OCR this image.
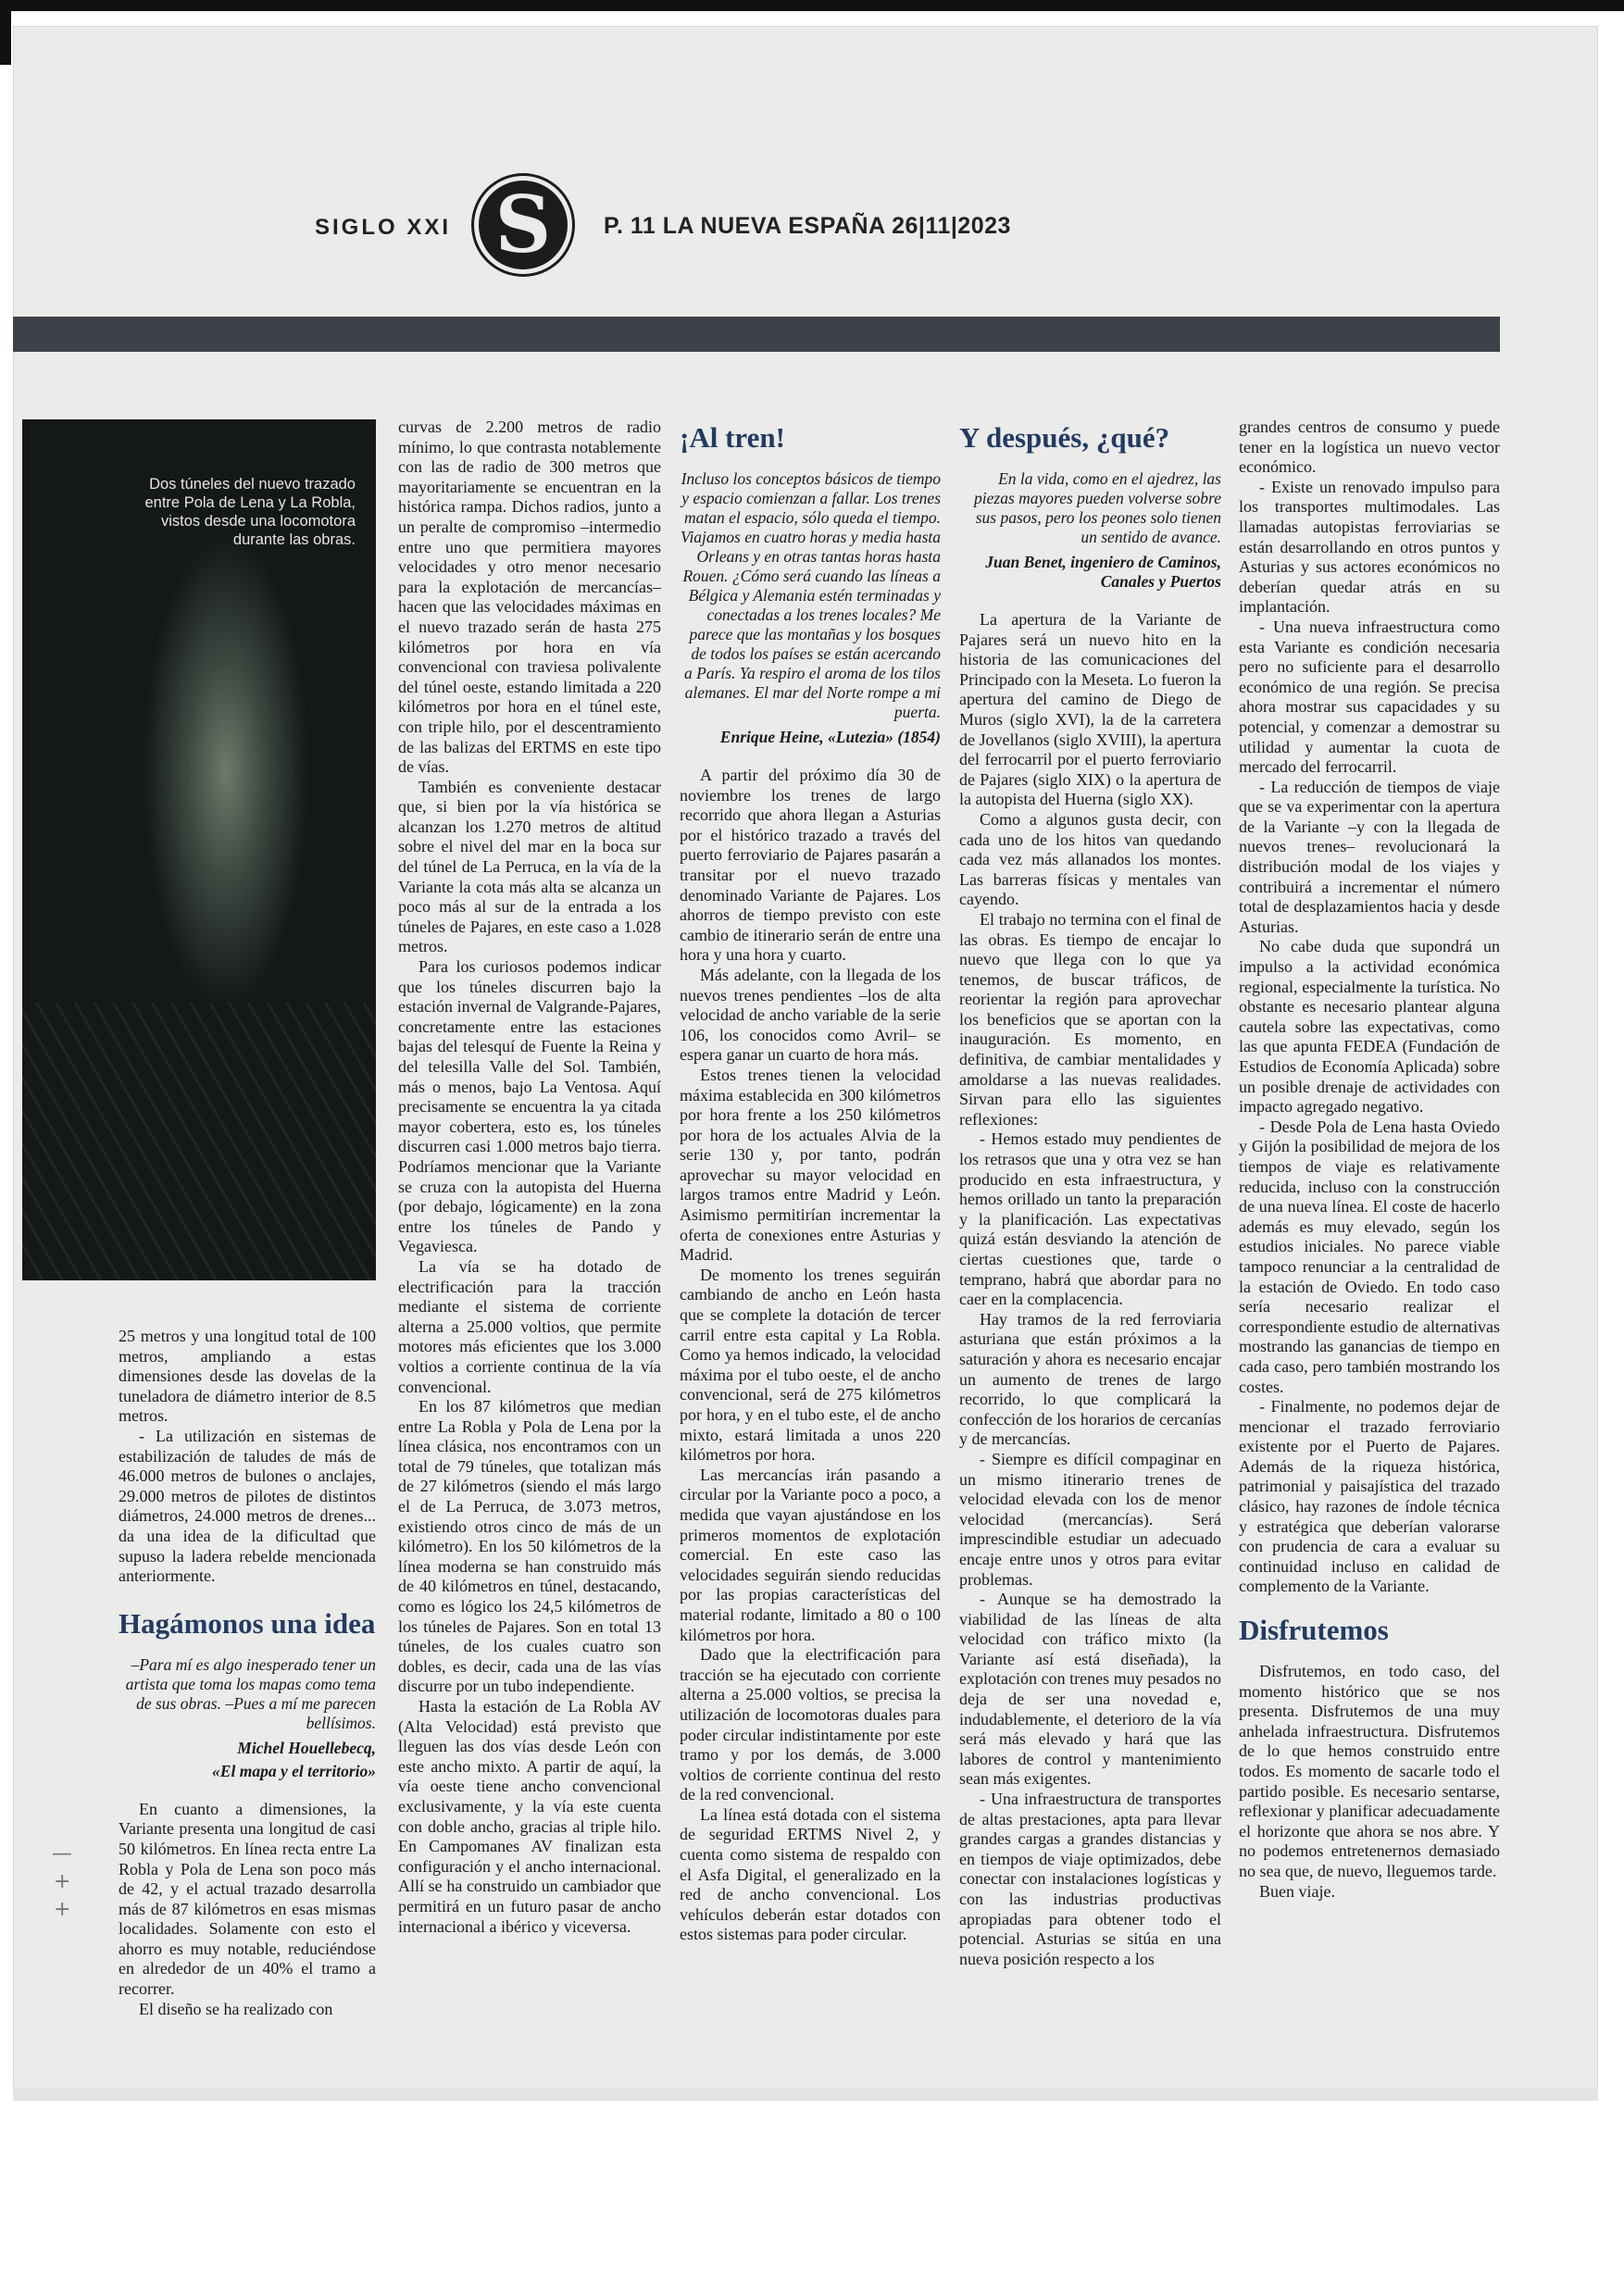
SIGLO XXI S	P. 11 LA NUEVA ESPAÑA 26|11|2023
Dos túneles del nuevo trazado entre Pola de Lena y La Robla, vistos desde una locomotora durante las obras.

25 metros y una longitud total de 100 metros, ampliando a estas dimensiones desde las dovelas de la tuneladora de diámetro interior de 8.5 metros.

- La utilización en sistemas de estabilización de taludes de más de 46.000 metros de bulones o anclajes, 29.000 metros de pilotes de distintos diámetros, 24.000 metros de drenes... da una idea de la dificultad que supuso la ladera rebelde mencionada anteriormente.

Hagámonos una idea
–Para mí es algo inesperado tener un artista que toma los mapas como tema de sus obras. –Pues a mí me parecen bellísimos.
Michel Houellebecq,
«El mapa y el territorio»

En cuanto a dimensiones, la Variante presenta una longitud de casi 50 kilómetros. En línea recta entre La Robla y Pola de Lena son poco más de 42, y el actual trazado desarrolla más de 87 kilómetros en esas mismas localidades. Solamente con esto el ahorro es muy notable, reduciéndose en alrededor de un 40% el tramo a recorrer.

El diseño se ha realizado con

curvas de 2.200 metros de radio mínimo, lo que contrasta notablemente con las de radio de 300 metros que mayoritariamente se encuentran en la histórica rampa. Dichos radios, junto a un peralte de compromiso –intermedio entre uno que permitiera mayores velocidades y otro menor necesario para la explotación de mercancías– hacen que las velocidades máximas en el nuevo trazado serán de hasta 275 kilómetros por hora en vía convencional con traviesa polivalente del túnel oeste, estando limitada a 220 kilómetros por hora en el túnel este, con triple hilo, por el descentramiento de las balizas del ERTMS en este tipo de vías.

También es conveniente destacar que, si bien por la vía histórica se alcanzan los 1.270 metros de altitud sobre el nivel del mar en la boca sur del túnel de La Perruca, en la vía de la Variante la cota más alta se alcanza un poco más al sur de la entrada a los túneles de Pajares, en este caso a 1.028 metros.

Para los curiosos podemos indicar que los túneles discurren bajo la estación invernal de Valgrande-Pajares, concretamente entre las estaciones bajas del telesquí de Fuente la Reina y del telesilla Valle del Sol. También, más o menos, bajo La Ventosa. Aquí precisamente se encuentra la ya citada mayor cobertera, esto es, los túneles discurren casi 1.000 metros bajo tierra. Podríamos mencionar que la Variante se cruza con la autopista del Huerna (por debajo, lógicamente) en la zona entre los túneles de Pando y Vegaviesca.

La vía se ha dotado de electrificación para la tracción mediante el sistema de corriente alterna a 25.000 voltios, que permite motores más eficientes que los 3.000 voltios a corriente continua de la vía convencional.

En los 87 kilómetros que median entre La Robla y Pola de Lena por la línea clásica, nos encontramos con un total de 79 túneles, que totalizan más de 27 kilómetros (siendo el más largo el de La Perruca, de 3.073 metros, existiendo otros cinco de más de un kilómetro). En los 50 kilómetros de la línea moderna se han construido más de 40 kilómetros en túnel, destacando, como es lógico los 24,5 kilómetros de los túneles de Pajares. Son en total 13 túneles, de los cuales cuatro son dobles, es decir, cada una de las vías discurre por un tubo independiente.

Hasta la estación de La Robla AV (Alta Velocidad) está previsto que lleguen las dos vías desde León con este ancho mixto. A partir de aquí, la vía oeste tiene ancho convencional exclusivamente, y la vía este cuenta con doble ancho, gracias al triple hilo. En Campomanes AV finalizan esta configuración y el ancho internacional. Allí se ha construido un cambiador que permitirá en un futuro pasar de ancho internacional a ibérico y viceversa.

¡Al tren!
Incluso los conceptos básicos de tiempo y espacio comienzan a fallar. Los trenes matan el espacio, sólo queda el tiempo. Viajamos en cuatro horas y media hasta Orleans y en otras tantas horas hasta Rouen. ¿Cómo será cuando las líneas a Bélgica y Alemania estén terminadas y conectadas a los trenes locales? Me parece que las montañas y los bosques de todos los países se están acercando a París. Ya respiro el aroma de los tilos alemanes. El mar del Norte rompe a mi puerta.
Enrique Heine, «Lutezia» (1854)

A partir del próximo día 30 de noviembre los trenes de largo recorrido que ahora llegan a Asturias por el histórico trazado a través del puerto ferroviario de Pajares pasarán a transitar por el nuevo trazado denominado Variante de Pajares. Los ahorros de tiempo previsto con este cambio de itinerario serán de entre una hora y una hora y cuarto.

Más adelante, con la llegada de los nuevos trenes pendientes –los de alta velocidad de ancho variable de la serie 106, los conocidos como Avril– se espera ganar un cuarto de hora más.

Estos trenes tienen la velocidad máxima establecida en 300 kilómetros por hora frente a los 250 kilómetros por hora de los actuales Alvia de la serie 130 y, por tanto, podrán aprovechar su mayor velocidad en largos tramos entre Madrid y León. Asimismo permitirían incrementar la oferta de conexiones entre Asturias y Madrid.

De momento los trenes seguirán cambiando de ancho en León hasta que se complete la dotación de tercer carril entre esta capital y La Robla. Como ya hemos indicado, la velocidad máxima por el tubo oeste, el de ancho convencional, será de 275 kilómetros por hora, y en el tubo este, el de ancho mixto, estará limitada a unos 220 kilómetros por hora.

Las mercancías irán pasando a circular por la Variante poco a poco, a medida que vayan ajustándose en los primeros momentos de explotación comercial. En este caso las velocidades seguirán siendo reducidas por las propias características del material rodante, limitado a 80 o 100 kilómetros por hora.

Dado que la electrificación para tracción se ha ejecutado con corriente alterna a 25.000 voltios, se precisa la utilización de locomotoras duales para poder circular indistintamente por este tramo y por los demás, de 3.000 voltios de corriente continua del resto de la red convencional.

La línea está dotada con el sistema de seguridad ERTMS Nivel 2, y cuenta como sistema de respaldo con el Asfa Digital, el generalizado en la red de ancho convencional. Los vehículos deberán estar dotados con estos sistemas para poder circular.

Y después, ¿qué?
En la vida, como en el ajedrez, las piezas mayores pueden volverse sobre sus pasos, pero los peones solo tienen un sentido de avance.
Juan Benet, ingeniero de Caminos, Canales y Puertos

La apertura de la Variante de Pajares será un nuevo hito en la historia de las comunicaciones del Principado con la Meseta. Lo fueron la apertura del camino de Diego de Muros (siglo XVI), la de la carretera de Jovellanos (siglo XVIII), la apertura del ferrocarril por el puerto ferroviario de Pajares (siglo XIX) o la apertura de la autopista del Huerna (siglo XX).

Como a algunos gusta decir, con cada uno de los hitos van quedando cada vez más allanados los montes. Las barreras físicas y mentales van cayendo.

El trabajo no termina con el final de las obras. Es tiempo de encajar lo nuevo que llega con lo que ya tenemos, de buscar tráficos, de reorientar la región para aprovechar los beneficios que se aportan con la inauguración. Es momento, en definitiva, de cambiar mentalidades y amoldarse a las nuevas realidades. Sirvan para ello las siguientes reflexiones:

- Hemos estado muy pendientes de los retrasos que una y otra vez se han producido en esta infraestructura, y hemos orillado un tanto la preparación y la planificación. Las expectativas quizá están desviando la atención de ciertas cuestiones que, tarde o temprano, habrá que abordar para no caer en la complacencia.

Hay tramos de la red ferroviaria asturiana que están próximos a la saturación y ahora es necesario encajar un aumento de trenes de largo recorrido, lo que complicará la confección de los horarios de cercanías y de mercancías.

- Siempre es difícil compaginar en un mismo itinerario trenes de velocidad elevada con los de menor velocidad (mercancías). Será imprescindible estudiar un adecuado encaje entre unos y otros para evitar problemas.

- Aunque se ha demostrado la viabilidad de las líneas de alta velocidad con tráfico mixto (la Variante así está diseñada), la explotación con trenes muy pesados no deja de ser una novedad e, indudablemente, el deterioro de la vía será más elevado y hará que las labores de control y mantenimiento sean más exigentes.

- Una infraestructura de transportes de altas prestaciones, apta para llevar grandes cargas a grandes distancias y en tiempos de viaje optimizados, debe conectar con instalaciones logísticas y con las industrias productivas apropiadas para obtener todo el potencial. Asturias se sitúa en una nueva posición respecto a los

grandes centros de consumo y puede tener en la logística un nuevo vector económico.

- Existe un renovado impulso para los transportes multimodales. Las llamadas autopistas ferroviarias se están desarrollando en otros puntos y Asturias y sus actores económicos no deberían quedar atrás en su implantación.

- Una nueva infraestructura como esta Variante es condición necesaria pero no suficiente para el desarrollo económico de una región. Se precisa ahora mostrar sus capacidades y su potencial, y comenzar a demostrar su utilidad y aumentar la cuota de mercado del ferrocarril.

- La reducción de tiempos de viaje que se va experimentar con la apertura de la Variante –y con la llegada de nuevos trenes– revolucionará la distribución modal de los viajes y contribuirá a incrementar el número total de desplazamientos hacia y desde Asturias.

No cabe duda que supondrá un impulso a la actividad económica regional, especialmente la turística. No obstante es necesario plantear alguna cautela sobre las expectativas, como las que apunta FEDEA (Fundación de Estudios de Economía Aplicada) sobre un posible drenaje de actividades con impacto agregado negativo.

- Desde Pola de Lena hasta Oviedo y Gijón la posibilidad de mejora de los tiempos de viaje es relativamente reducida, incluso con la construcción de una nueva línea. El coste de hacerlo además es muy elevado, según los estudios iniciales. No parece viable tampoco renunciar a la centralidad de la estación de Oviedo. En todo caso sería necesario realizar el correspondiente estudio de alternativas mostrando las ganancias de tiempo en cada caso, pero también mostrando los costes.

- Finalmente, no podemos dejar de mencionar el trazado ferroviario existente por el Puerto de Pajares. Además de la riqueza histórica, patrimonial y paisajística del trazado clásico, hay razones de índole técnica y estratégica que deberían valorarse con prudencia de cara a evaluar su continuidad incluso en calidad de complemento de la Variante.

Disfrutemos

Disfrutemos, en todo caso, del momento histórico que se nos presenta. Disfrutemos de una muy anhelada infraestructura. Disfrutemos de lo que hemos construido entre todos. Es momento de sacarle todo el partido posible. Es necesario sentarse, reflexionar y planificar adecuadamente el horizonte que ahora se nos abre. Y no podemos entretenernos demasiado no sea que, de nuevo, lleguemos tarde.

Buen viaje.

—
+
+
